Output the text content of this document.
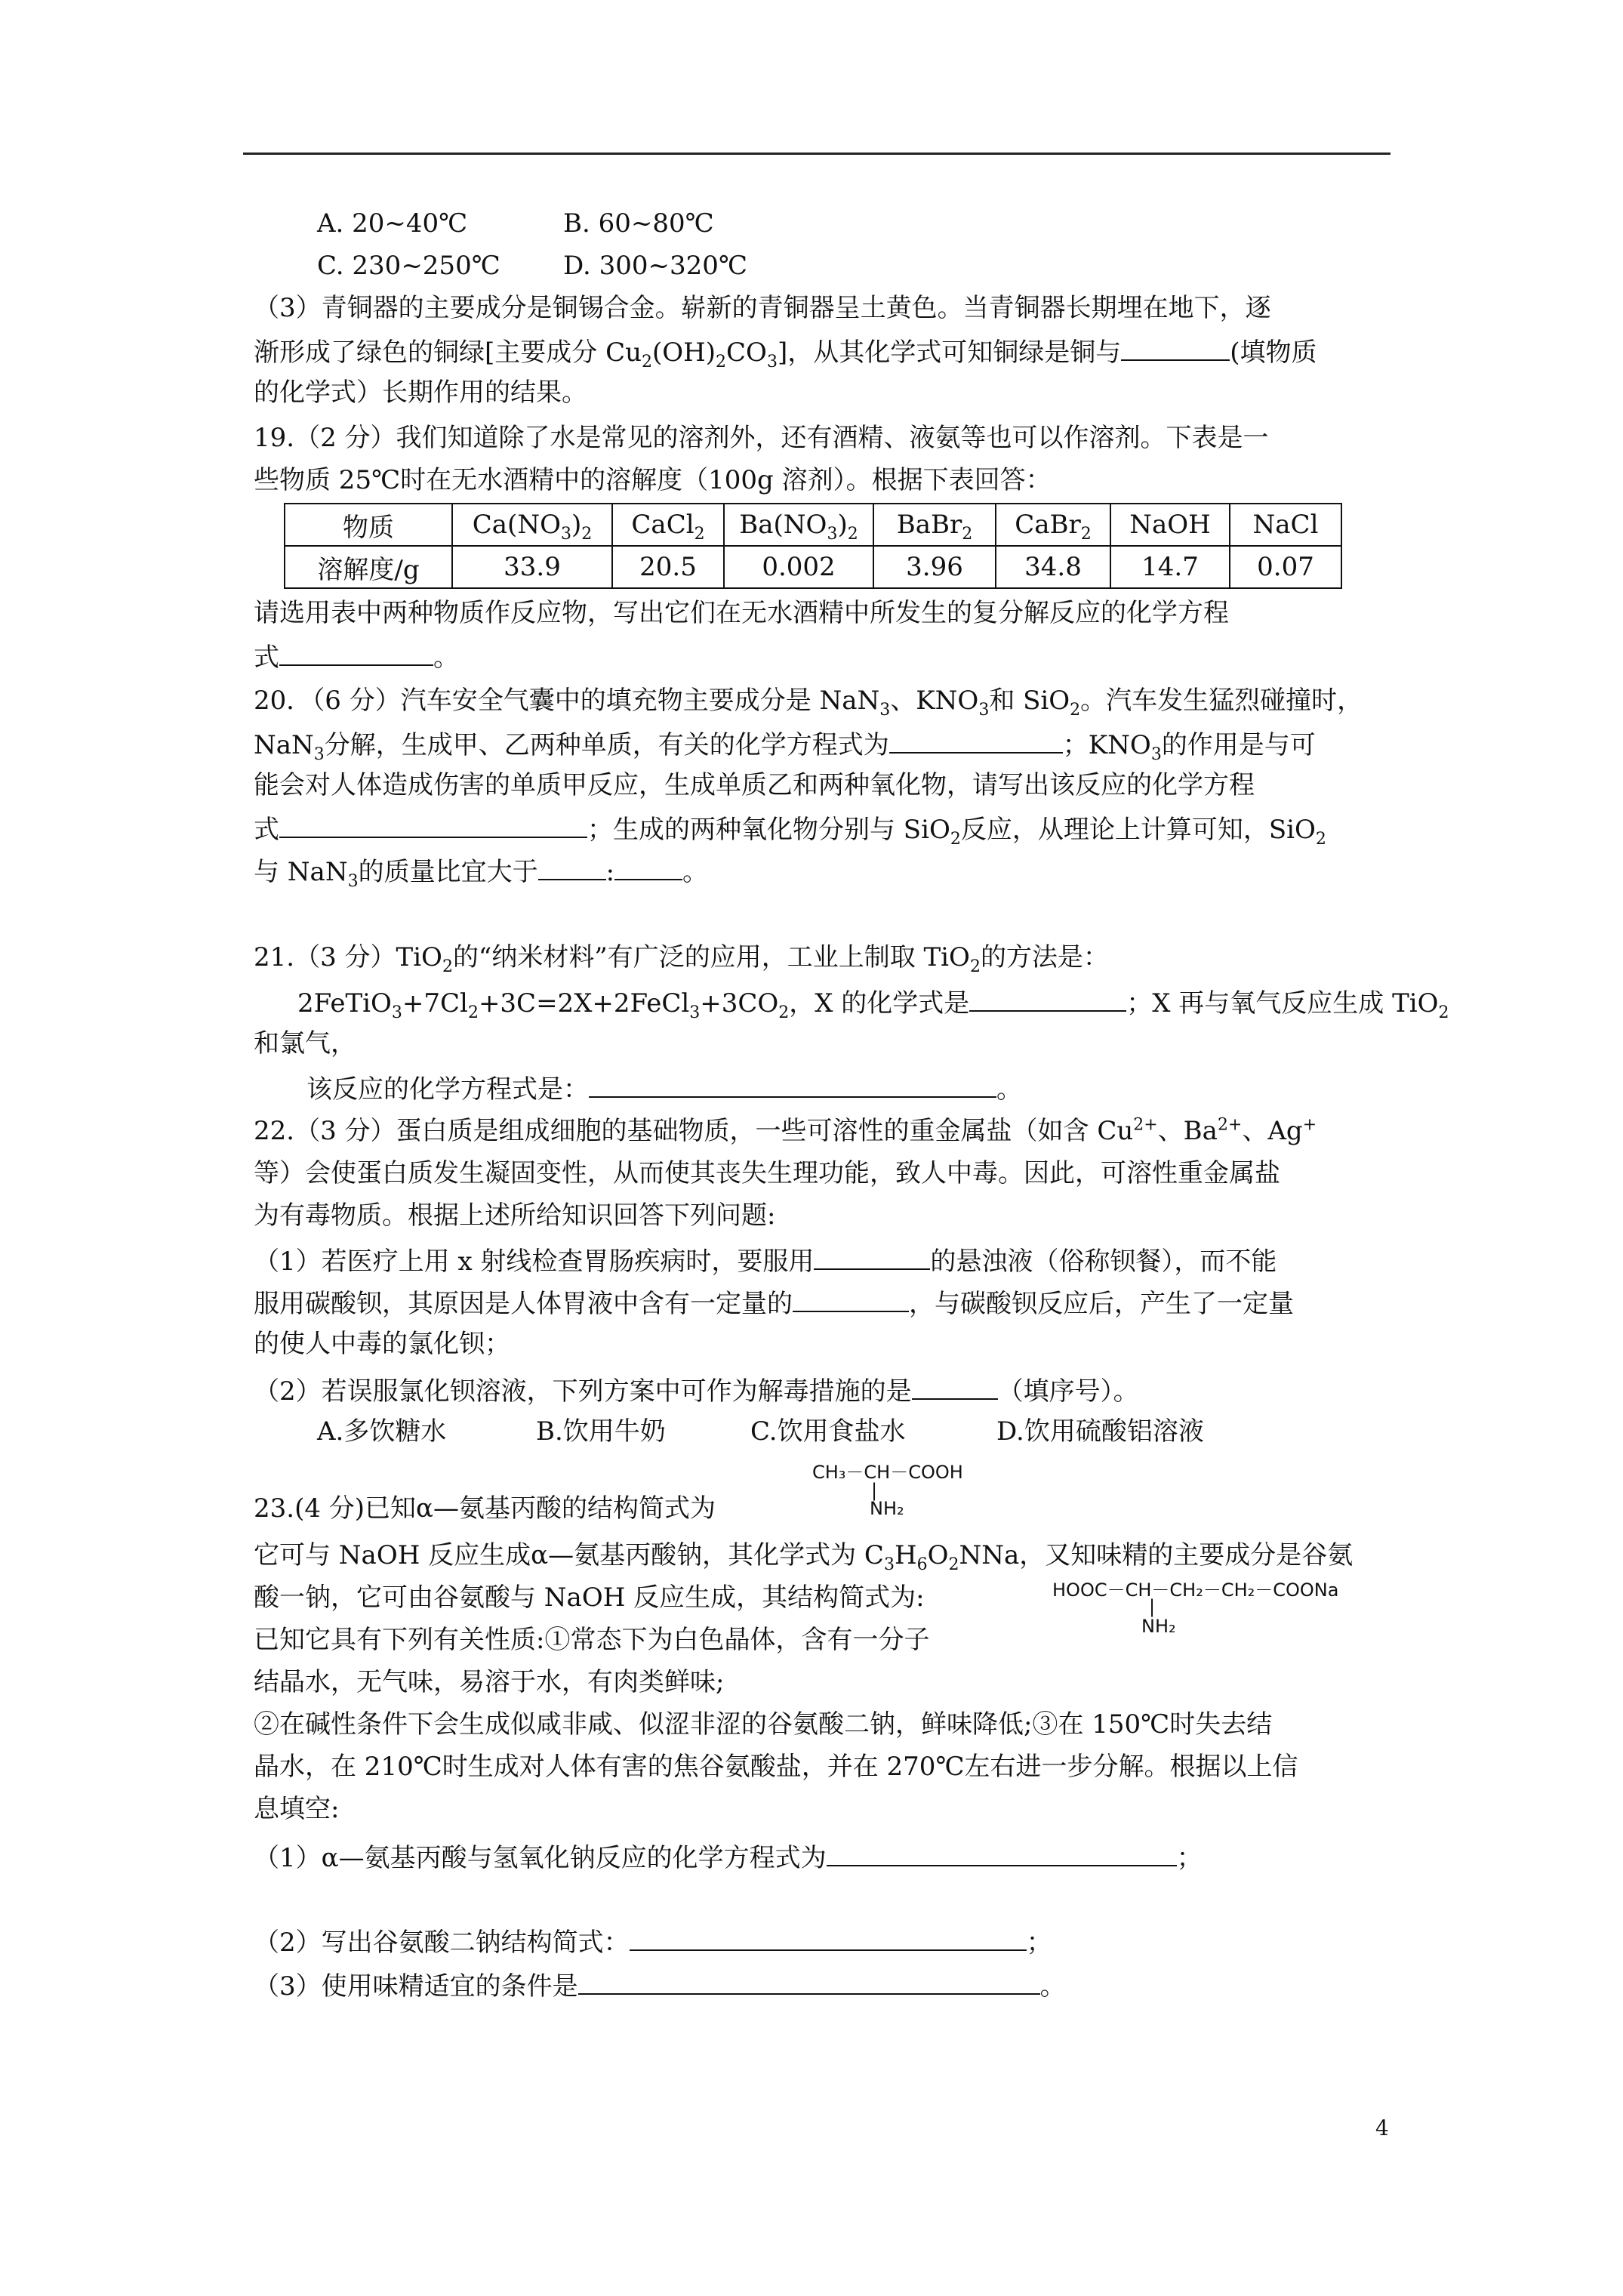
A. 20~40℃	B. 60~80℃
C. 230~250℃ D. 300~320℃
（3）青铜器的主要成分是铜锡合金。崭新的青铜器呈土黄色。当青铜器长期埋在地下，逐
渐形成了绿色的铜绿[主要成分 $Cu_2(OH)_2CO_3$]，从其化学式可知铜绿是铜与	(填物质
的化学式）长期作用的结果。
19.（2 分）我们知道除了水是常见的溶剂外，还有酒精、液氨等也可以作溶剂。下表是一
些物质 25℃时在无水酒精中的溶解度（100g 溶剂）。根据下表回答：
物质	$Ca(NO_3)_2$	CaCl$_2$	$Ba(NO_3)_2$	BaBr$_2$	CaBr$_2$	NaOH	NaCl
溶解度/g	33.9	20.5	0.002	3.96	34.8	14.7	0.07
请选用表中两种物质作反应物，写出它们在无水酒精中所发生的复分解反应的化学方程
式	。
20．（6 分）汽车安全气囊中的填充物主要成分是 NaN$_3$、$KNO_3$和 SiO$_2$。汽车发生猛烈碰撞时，
NaN$_3$分解，生成甲、乙两种单质，有关的化学方程式为	；$KNO_3$的作用是与可
能会对人体造成伤害的单质甲反应，生成单质乙和两种氧化物，请写出该反应的化学方程
式	；生成的两种氧化物分别与 SiO$_2$反应，从理论上计算可知，SiO$_2$
与 NaN$_3$的质量比宜大于	:	。
21.（3 分）TiO$_2$的“纳米材料”有广泛的应用，工业上制取 TiO$_2$的方法是：
$2FeTiO_3+7Cl_2+3C=2X+2FeCl_3+3CO_2$，X 的化学式是	；X 再与氧气反应生成 TiO$_2$
和氯气，
该反应的化学方程式是：	。
22.（3 分）蛋白质是组成细胞的基础物质，一些可溶性的重金属盐（如含 $Cu^{2+}$、$Ba^{2+}$、Ag+
等）会使蛋白质发生凝固变性，从而使其丧失生理功能，致人中毒。因此，可溶性重金属盐
为有毒物质。根据上述所给知识回答下列问题:
（1）若医疗上用 x 射线检查胃肠疾病时，要服用	的悬浊液（俗称钡餐），而不能
服用碳酸钡，其原因是人体胃液中含有一定量的	，与碳酸钡反应后，产生了一定量
的使人中毒的氯化钡；
（2）若误服氯化钡溶液，下列方案中可作为解毒措施的是	（填序号）。
A.多饮糖水	B.饮用牛奶	C.饮用食盐水	D.饮用硫酸铝溶液
CH₃－CH－COOH
|
NH₂
23.(4 分)已知α—氨基丙酸的结构简式为
它可与 NaOH 反应生成α—氨基丙酸钠，其化学式为 $C_3H_6O_2NNa$，又知味精的主要成分是谷氨
酸一钠，它可由谷氨酸与 NaOH 反应生成，其结构简式为:	HOOC－CH－CH₂－CH₂－COONa
|
NH₂
已知它具有下列有关性质:①常态下为白色晶体，含有一分子
结晶水，无气味，易溶于水，有肉类鲜味;
②在碱性条件下会生成似咸非咸、似涩非涩的谷氨酸二钠，鲜味降低;③在 150℃时失去结
晶水，在 210℃时生成对人体有害的焦谷氨酸盐，并在 270℃左右进一步分解。根据以上信
息填空:
（1）α—氨基丙酸与氢氧化钠反应的化学方程式为	；
（2）写出谷氨酸二钠结构简式：	；
（3）使用味精适宜的条件是	。
4
